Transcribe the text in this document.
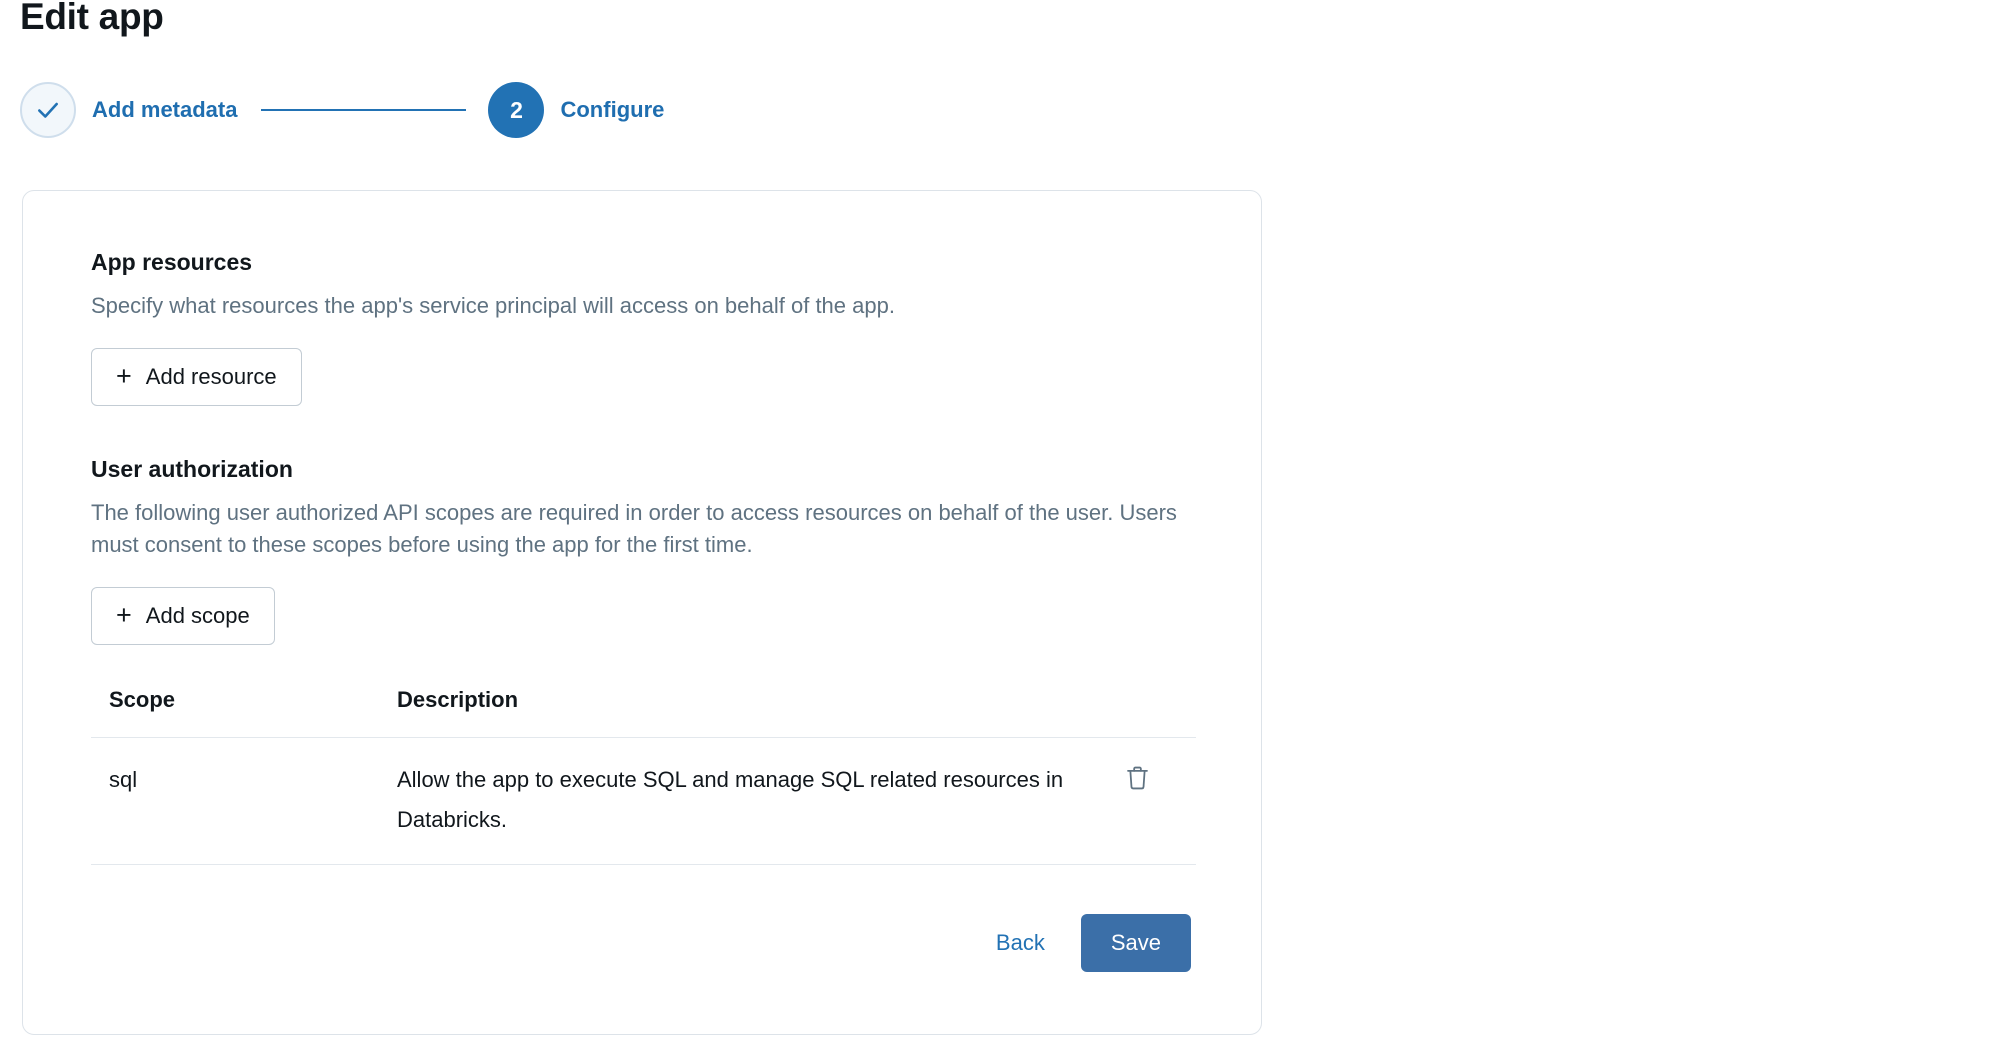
Edit app
Add metadata	2	Configure
App resources

Specify what resources the app's service principal will access on behalf of the app.

+ Add resource
User authorization

The following user authorized API scopes are required in order to access resources on behalf of the user. Users must consent to these scopes before using the app for the first time.

+ Add scope
Scope	Description	
sql	Allow the app to execute SQL and manage SQL related resources in Databricks.	
Back	Save
